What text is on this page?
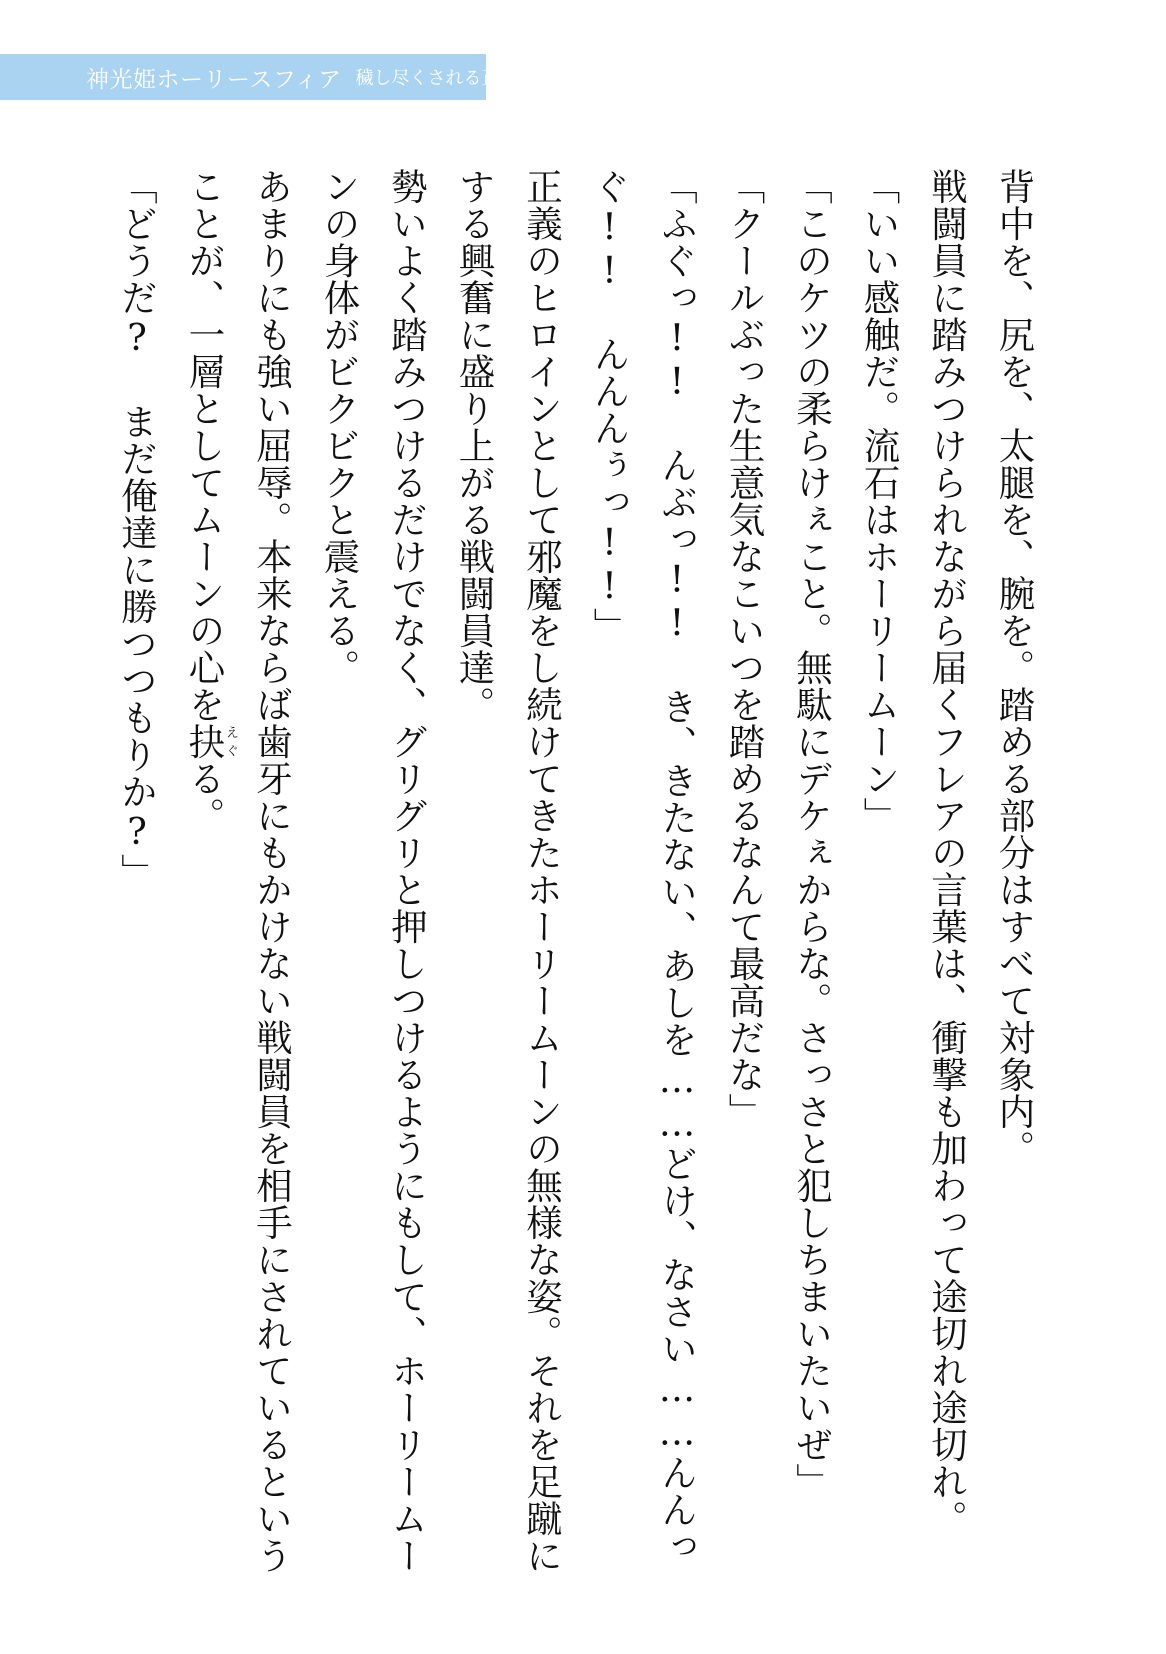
神光姫ホーリースフィア 穢し尽くされる正義

背中を、尻を、太腿を、腕を。踏める部分はすべて対象内。

戦闘員に踏みつけられながら届くフレアの言葉は、衝撃も加わって途切れ途切れ。

「いい感触だ。流石はホーリームーン」

「このケツの柔らけぇこと。無駄にデケぇからな。さっさと犯しちまいたいぜ」

「クールぶった生意気なこいつを踏めるなんて最高だな」

「ふぐっ!! んぶっ!! き、きたない、あしを……どけ、なさい……んんっぐ!! んんんぅっ!!」

正義のヒロインとして邪魔をし続けてきたホーリームーンの無様な姿。それを足蹴にする興奮に盛り上がる戦闘員達。

勢いよく踏みつけるだけでなく、グリグリと押しつけるようにもして、ホーリームーンの身体がビクビクと震える。

あまりにも強い屈辱。本来ならば歯牙にもかけない戦闘員を相手にされているということが、一層としてムーンの心を抉えぐる。

「どうだ? まだ俺達に勝つつもりか?」
